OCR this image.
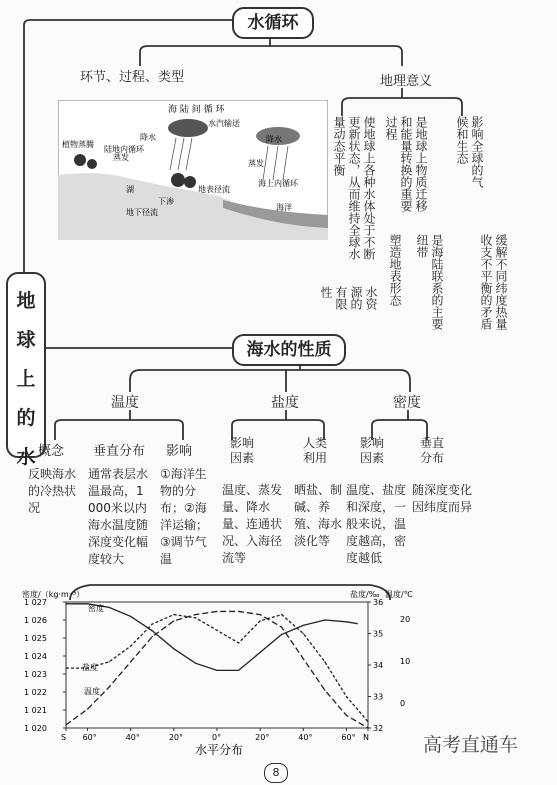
地
球
上
的
水
水循环
环节、过程、类型	地理意义
海 陆 间 循 环
水汽输送
植物蒸腾
陆地内循环
降水
蒸发
降水
蒸发
海上内循环
湖	地表径流
下渗
地下径流
海洋	使地球上各种水体处于不断更新状态，从而维持全球水量动态平衡	是地球上物质迁移和能量转换的重要过程	影响全球的气候和生态
水资源的有限性	塑造地表形态	是海陆联系的主要纽带	缓解不同纬度热量收支不平衡的矛盾
海水的性质
温度	盐度	密度
概念 垂直分布 影响
反映海水的冷热状况
通常表层水温最高，1 000米以内海水温度随深度变化幅度较大
①海洋生物的分布；②海洋运输；③调节气温
影响因素
人类利用
温度、蒸发量、降水量、连通状况、入海径流等
晒盐、制碱、养殖、海水淡化等
影响因素
垂直分布
温度、盐度和深度，一般来说，温度越高，密度越低
随深度变化因纬度而异
密度/（kg·m⁻³）	盐度/‰ 温度/℃
水平分布
S 60°	40°	20°	0°	20°	40°	60° N
1 027
1 026
1 025
1 024
1 023
1 022
1 021
1 020
36
35
34
33
32
20
10
0
密度
盐度
温度
8
高考直通车
